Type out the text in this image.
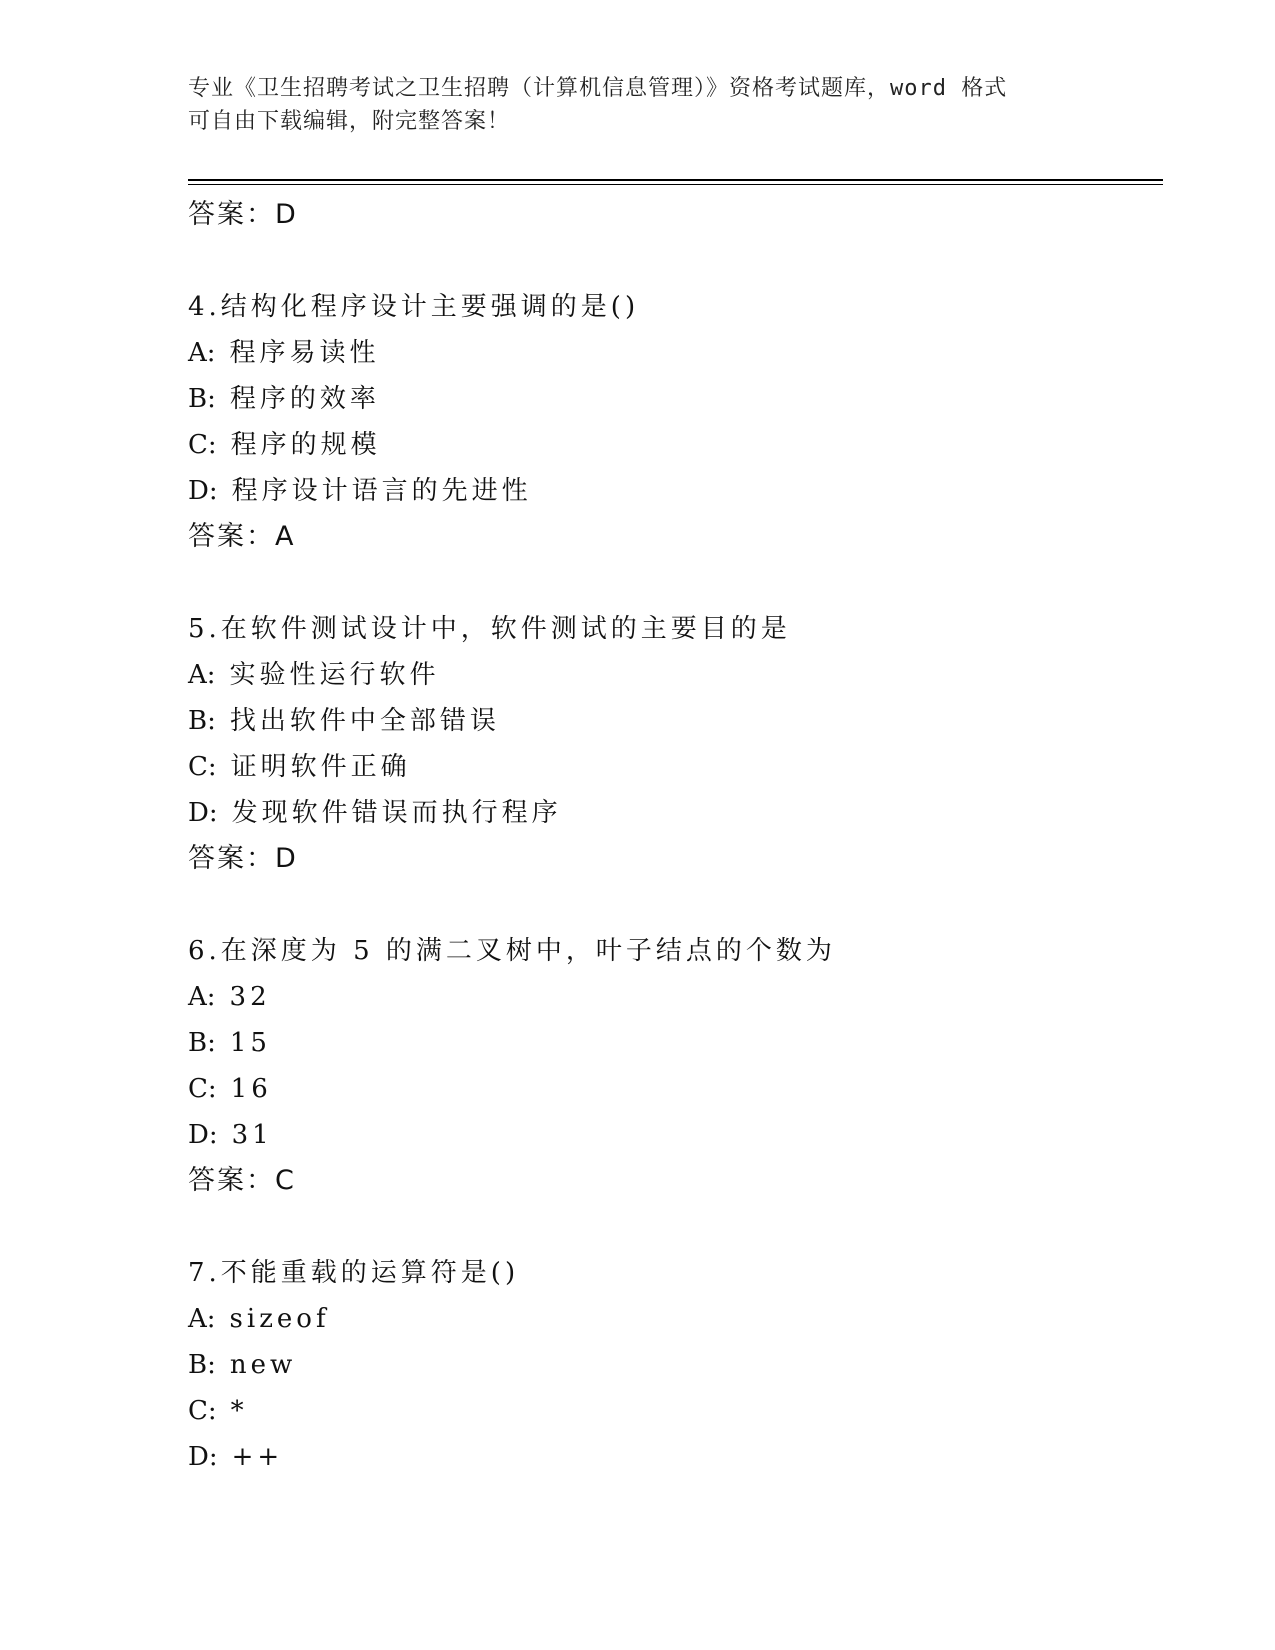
专业《卫生招聘考试之卫生招聘（计算机信息管理）》资格考试题库，word 格式
可自由下载编辑，附完整答案！
答案：D
4.结构化程序设计主要强调的是()
A: 程序易读性
B: 程序的效率
C: 程序的规模
D: 程序设计语言的先进性
答案：A
5.在软件测试设计中，软件测试的主要目的是
A: 实验性运行软件
B: 找出软件中全部错误
C: 证明软件正确
D: 发现软件错误而执行程序
答案：D
6.在深度为 5 的满二叉树中，叶子结点的个数为
A: 32
B: 15
C: 16
D: 31
答案：C
7.不能重载的运算符是()
A: sizeof
B: new
C: *
D: ++
